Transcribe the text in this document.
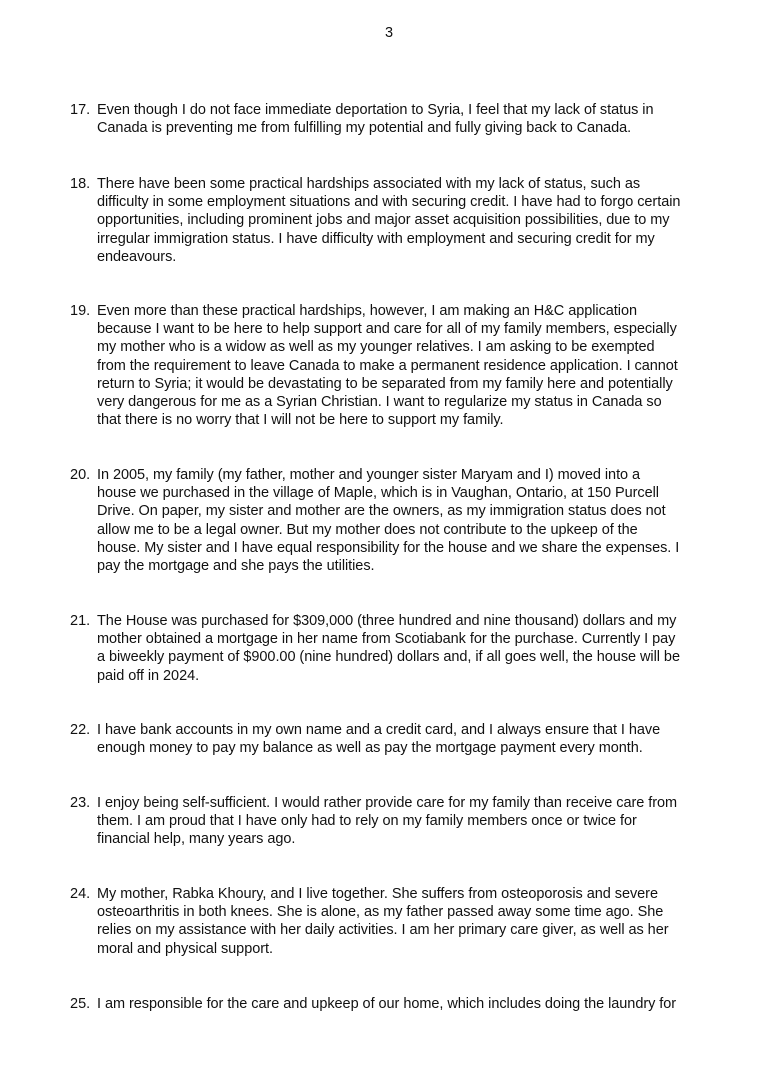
3
17. Even though I do not face immediate deportation to Syria, I feel that my lack of status in
Canada is preventing me from fulfilling my potential and fully giving back to Canada.
18. There have been some practical hardships associated with my lack of status, such as
difficulty in some employment situations and with securing credit. I have had to forgo certain
opportunities, including prominent jobs and major asset acquisition possibilities, due to my
irregular immigration status. I have difficulty with employment and securing credit for my
endeavours.
19. Even more than these practical hardships, however, I am making an H&C application
because I want to be here to help support and care for all of my family members, especially
my mother who is a widow as well as my younger relatives. I am asking to be exempted
from the requirement to leave Canada to make a permanent residence application. I cannot
return to Syria; it would be devastating to be separated from my family here and potentially
very dangerous for me as a Syrian Christian. I want to regularize my status in Canada so
that there is no worry that I will not be here to support my family.
20. In 2005, my family (my father, mother and younger sister Maryam and I) moved into a
house we purchased in the village of Maple, which is in Vaughan, Ontario, at 150 Purcell
Drive. On paper, my sister and mother are the owners, as my immigration status does not
allow me to be a legal owner. But my mother does not contribute to the upkeep of the
house. My sister and I have equal responsibility for the house and we share the expenses. I
pay the mortgage and she pays the utilities.
21. The House was purchased for $309,000 (three hundred and nine thousand) dollars and my
mother obtained a mortgage in her name from Scotiabank for the purchase. Currently I pay
a biweekly payment of $900.00 (nine hundred) dollars and, if all goes well, the house will be
paid off in 2024.
22. I have bank accounts in my own name and a credit card, and I always ensure that I have
enough money to pay my balance as well as pay the mortgage payment every month.
23. I enjoy being self-sufficient. I would rather provide care for my family than receive care from
them. I am proud that I have only had to rely on my family members once or twice for
financial help, many years ago.
24. My mother, Rabka Khoury, and I live together. She suffers from osteoporosis and severe
osteoarthritis in both knees. She is alone, as my father passed away some time ago. She
relies on my assistance with her daily activities. I am her primary care giver, as well as her
moral and physical support.
25. I am responsible for the care and upkeep of our home, which includes doing the laundry for
